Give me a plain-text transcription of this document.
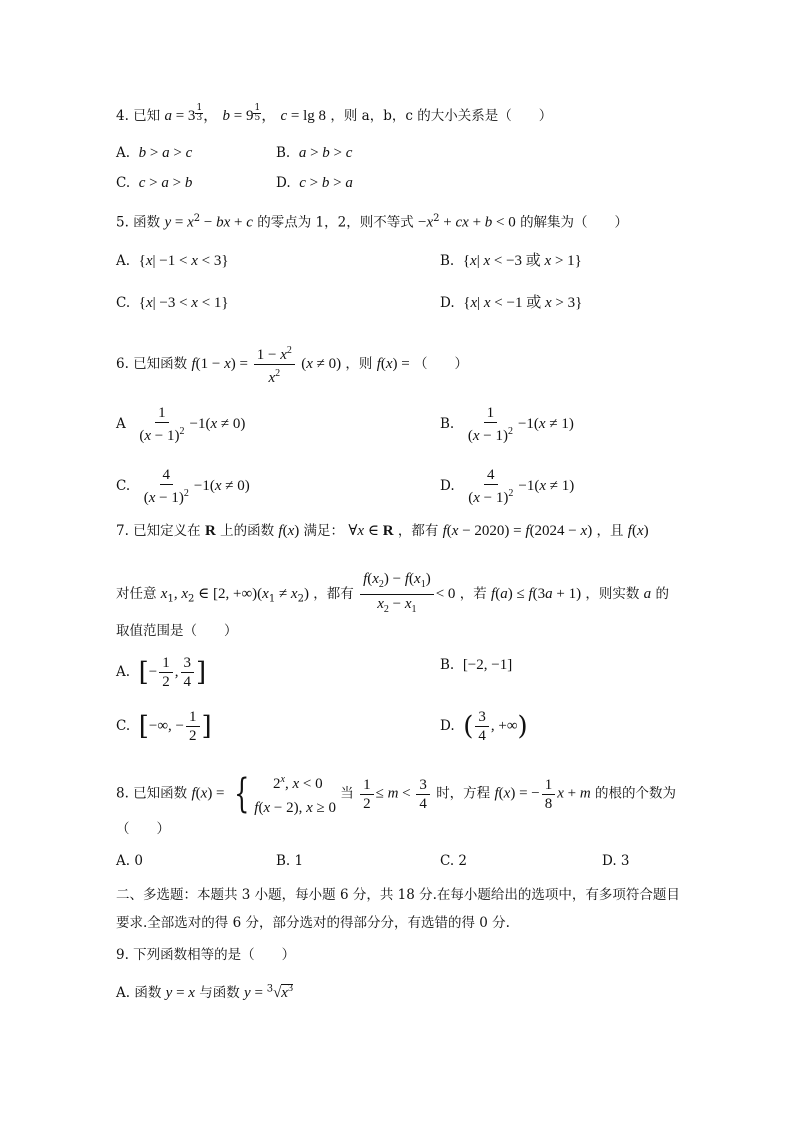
4. 已知 $a = 3 \frac{1}{3}$ ， $b = 9 \frac{1}{5}$ ， c = lg 8 ，则 a，b，c 的大小关系是（　　）
A. b > a > c	B. a > b > c
C. c > a > b	D. c > b > a
5. 函数 $y = x^2$ − bx + c 的零点为 1，2，则不等式 $-x^2$ + cx + b < 0 的解集为（　　）
A. {x| −1 < x < 3}	B. {x| x < −3 或 x > 1}
C. {x| −3 < x < 1}	D. {x| x < −1 或 x > 3}
6. 已知函数 $f(1 - x) = \frac{1 - x^2}{x^2} (x \ne 0)$ ，则 f(x) = （　　）
A $\frac{1}{(x - 1)^2} -1(x \ne 0)$	B. $\frac{1}{(x - 1)^2} -1(x \ne 1)$
C. $\frac{4}{(x - 1)^2} -1(x \ne 0)$	D. $\frac{4}{(x - 1)^2} -1(x \ne 1)$
7. 已知定义在 R 上的函数 f(x) 满足： ∀x ∈ R ，都有 f(x − 2020) = f(2024 − x) ，且 f(x)
对任意 $x_1$, $x_2$ ∈ [2, $+\infty)(x_1 \ne x_2)$ ，都有 $\frac{f(x_2) - f(x_1)}{x_2 - x_1} < 0$ ，若 f(a) ≤ f(3a + 1) ，则实数 a 的
取值范围是（　　）
A. [− $\frac{1}{2}$ , $\frac{3}{4}$ ]	B. [−2, −1]
C. [−∞, − $\frac{1}{2}$ ]	D. ( $\frac{3}{4}$ , +∞)
8. 已知函数 f(x) = { 2$^x$, x < 0
f(x − 2), x ≥ 0
当 $\frac{1}{2} \le m < \frac{3}{4}$ 时，方程 f(x) = − $\frac{1}{8}$ x + m 的根的个数为
（　　）
A. 0	B. 1	C. 2	D. 3
二、多选题：本题共 3 小题，每小题 6 分，共 18 分.在每小题给出的选项中，有多项符合题目
要求.全部选对的得 6 分，部分选对的得部分分，有选错的得 0 分.
9. 下列函数相等的是（　　）
A. 函数 y = x 与函数 $y = ^3√x^3$
